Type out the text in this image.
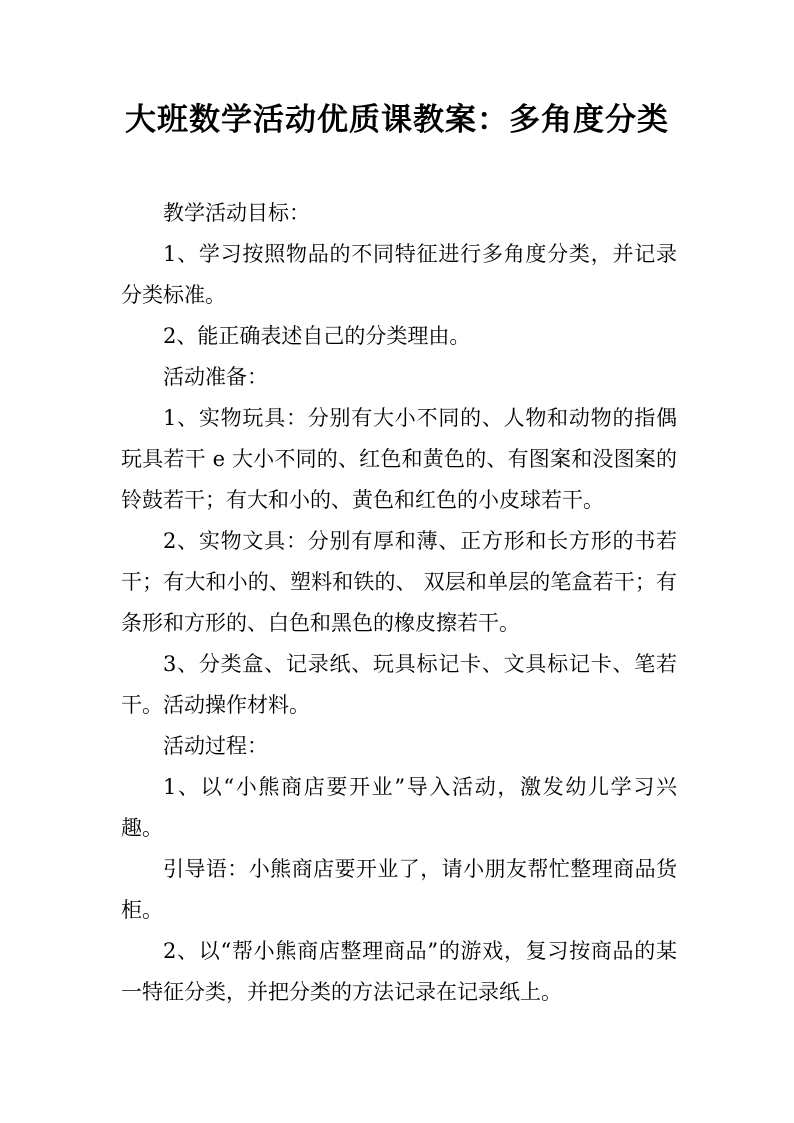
大班数学活动优质课教案：多角度分类

教学活动目标：

1、学习按照物品的不同特征进行多角度分类，并记录分类标准。

2、能正确表述自己的分类理由。

活动准备：

1、实物玩具：分别有大小不同的、人物和动物的指偶玩具若干 e 大小不同的、红色和黄色的、有图案和没图案的铃鼓若干；有大和小的、黄色和红色的小皮球若干。

2、实物文具：分别有厚和薄、正方形和长方形的书若干；有大和小的、塑料和铁的、 双层和单层的笔盒若干；有条形和方形的、白色和黑色的橡皮擦若干。

3、分类盒、记录纸、玩具标记卡、文具标记卡、笔若干。活动操作材料。

活动过程：

1、以“小熊商店要开业”导入活动，激发幼儿学习兴趣。

引导语：小熊商店要开业了，请小朋友帮忙整理商品货柜。

2、以“帮小熊商店整理商品”的游戏，复习按商品的某一特征分类，并把分类的方法记录在记录纸上。
